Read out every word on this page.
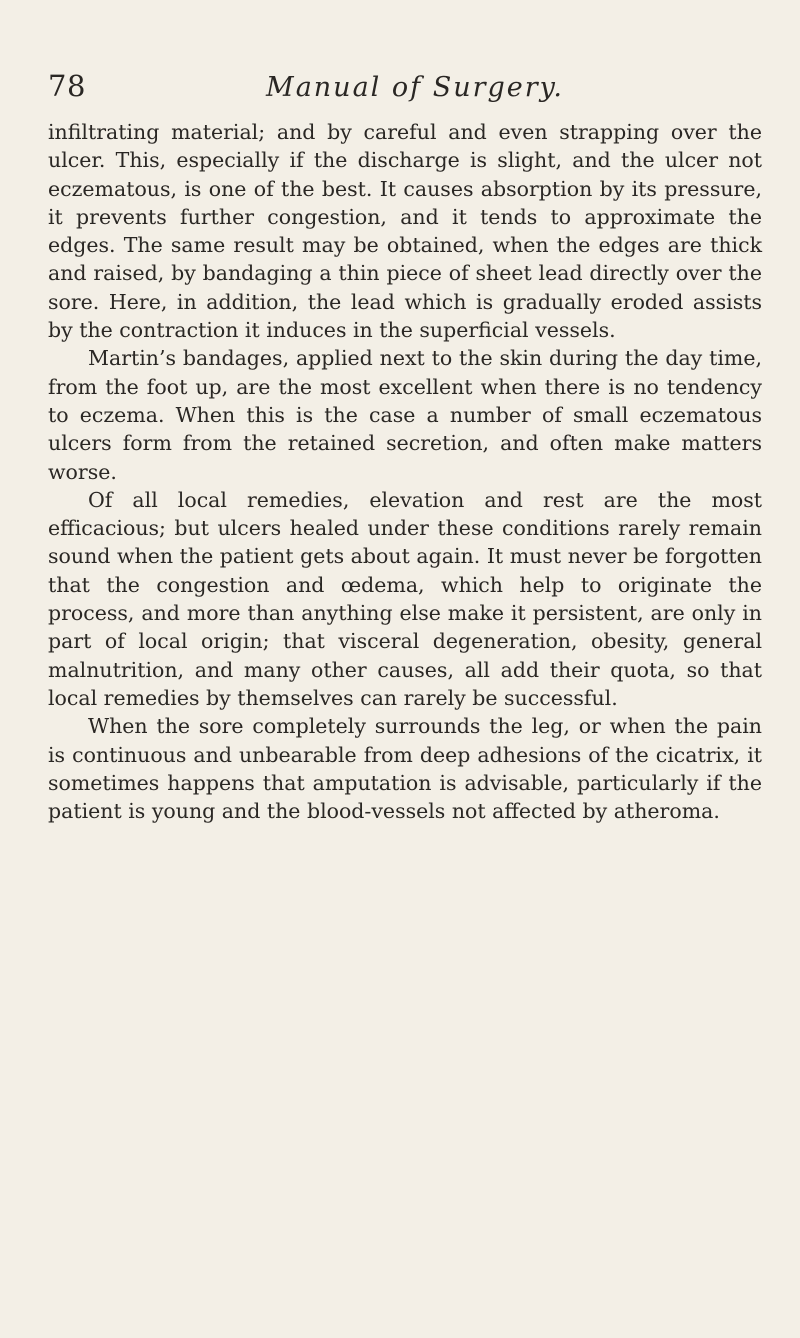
78	Manual of Surgery.

infiltrating material; and by careful and even strapping over the ulcer. This, especially if the discharge is slight, and the ulcer not eczematous, is one of the best. It causes absorption by its pressure, it prevents further congestion, and it tends to approximate the edges. The same result may be obtained, when the edges are thick and raised, by bandaging a thin piece of sheet lead directly over the sore. Here, in addition, the lead which is gradually eroded assists by the contraction it induces in the superficial vessels.

Martin’s bandages, applied next to the skin during the day time, from the foot up, are the most excellent when there is no tendency to eczema. When this is the case a number of small eczematous ulcers form from the retained secretion, and often make matters worse.

Of all local remedies, elevation and rest are the most efficacious; but ulcers healed under these conditions rarely remain sound when the patient gets about again. It must never be forgotten that the congestion and œdema, which help to originate the process, and more than anything else make it persistent, are only in part of local origin; that visceral degeneration, obesity, general malnutrition, and many other causes, all add their quota, so that local remedies by themselves can rarely be successful.

When the sore completely surrounds the leg, or when the pain is continuous and unbearable from deep adhesions of the cicatrix, it sometimes happens that amputation is advisable, particularly if the patient is young and the blood-vessels not affected by atheroma.
